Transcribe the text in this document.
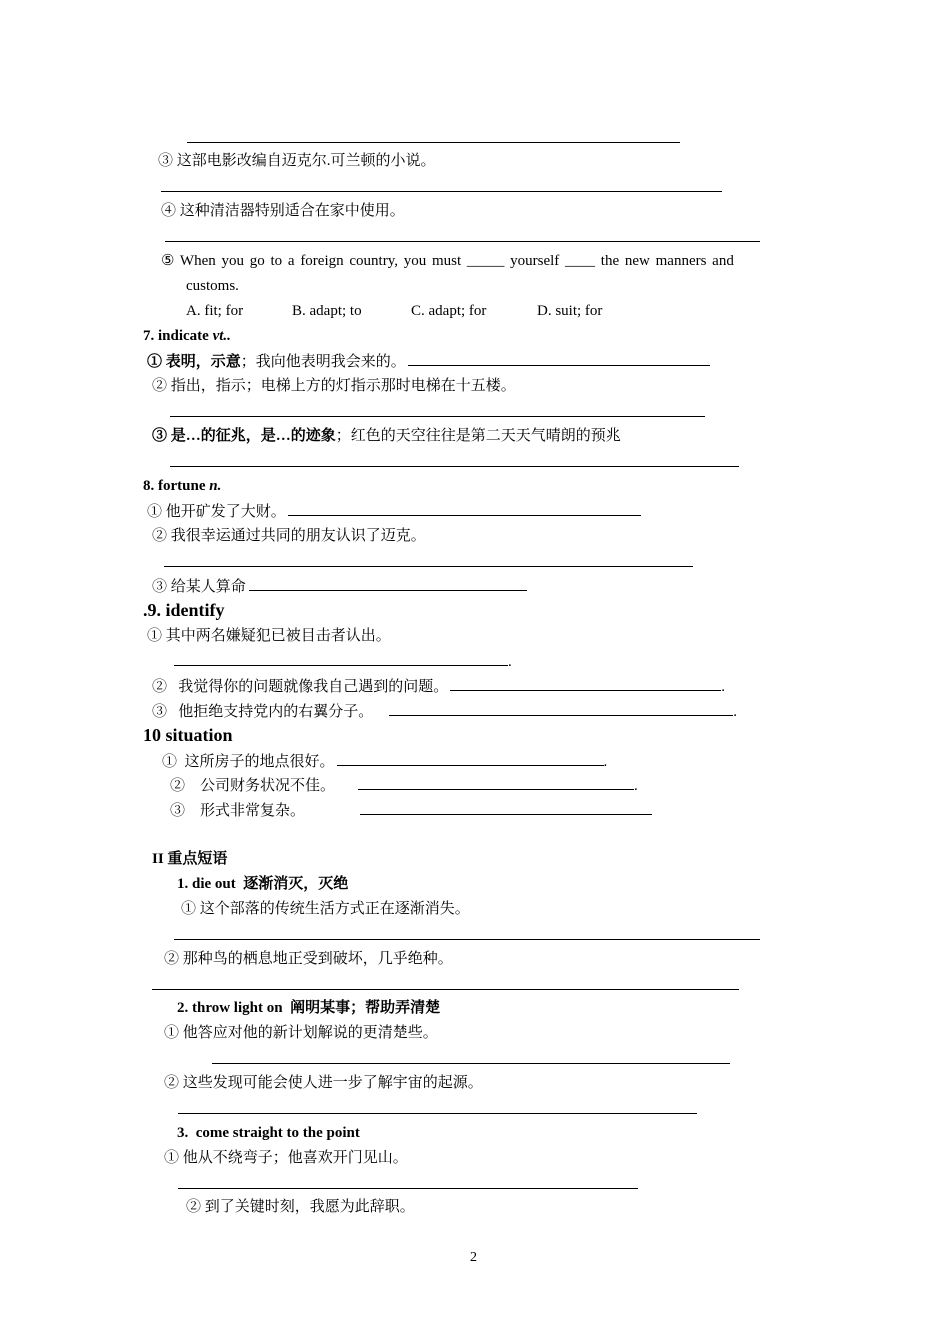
③ 这部电影改编自迈克尔.可兰顿的小说。
④ 这种清洁器特别适合在家中使用。
⑤ When you go to a foreign country, you must _____ yourself ____ the new manners and
customs.
A. fit; for	B. adapt; to	C. adapt; for	D. suit; for
7. indicate vt..
① 表明，示意；我向他表明我会来的。
② 指出，指示；电梯上方的灯指示那时电梯在十五楼。
③ 是…的征兆，是…的迹象；红色的天空往往是第二天天气晴朗的预兆
8. fortune n.
① 他开矿发了大财。
② 我很幸运通过共同的朋友认识了迈克。
③ 给某人算命
.9. identify
① 其中两名嫌疑犯已被目击者认出。
.
②   我觉得你的问题就像我自己遇到的问题。	.
③   他拒绝支持党内的右翼分子。	.
10 situation
①  这所房子的地点很好。	.
②    公司财务状况不佳。	.
③    形式非常复杂。
II 重点短语
1. die out  逐渐消灭，灭绝
① 这个部落的传统生活方式正在逐渐消失。
② 那种鸟的栖息地正受到破坏，几乎绝种。
2. throw light on  阐明某事；帮助弄清楚
① 他答应对他的新计划解说的更清楚些。
② 这些发现可能会使人进一步了解宇宙的起源。
3.  come straight to the point
① 他从不绕弯子；他喜欢开门见山。
② 到了关键时刻，我愿为此辞职。
2
